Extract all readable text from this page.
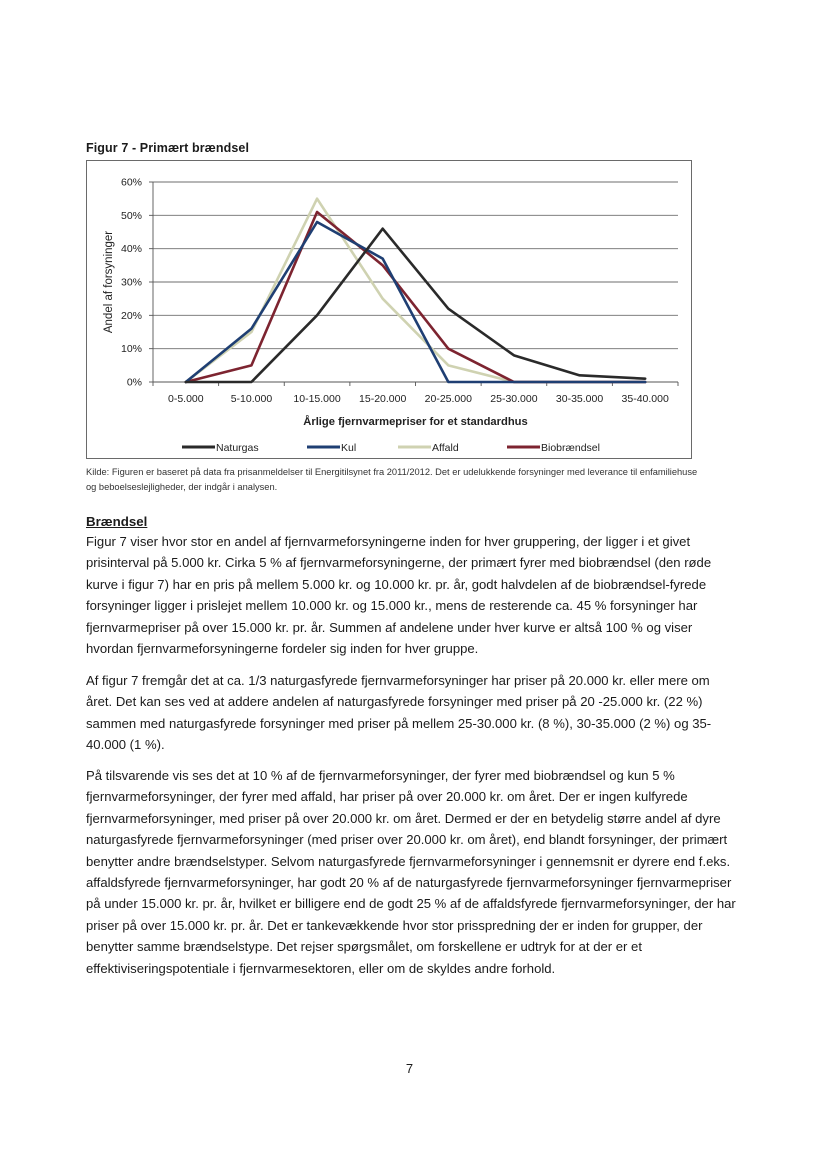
Figur 7 - Primært brændsel
0%
10%
20%
30%
40%
50%
60%
0-5.000	5-10.000 10-15.000 15-20.000 20-25.000 25-30.000 30-35.000 35-40.000
Årlige fjernvarmepriser for et standardhus
Andel af forsyninger
Naturgas	Kul	Affald	Biobrændsel
Kilde: Figuren er baseret på data fra prisanmeldelser til Energitilsynet fra 2011/2012. Det er udelukkende forsyninger med leverance til enfamiliehuse og beboelseslejligheder, der indgår i analysen.
Brændsel

Figur 7 viser hvor stor en andel af fjernvarmeforsyningerne inden for hver gruppering, der ligger i et givet prisinterval på 5.000 kr. Cirka 5 % af fjernvarmeforsyningerne, der primært fyrer med biobrændsel (den røde kurve i figur 7) har en pris på mellem 5.000 kr. og 10.000 kr. pr. år, godt halvdelen af de biobrændsel-fyrede forsyninger ligger i prislejet mellem 10.000 kr. og 15.000 kr., mens de resterende ca. 45 % forsyninger har fjernvarmepriser på over 15.000 kr. pr. år. Summen af andelene under hver kurve er altså 100 % og viser hvordan fjernvarmeforsyningerne fordeler sig inden for hver gruppe.

Af figur 7 fremgår det at ca. 1/3 naturgasfyrede fjernvarmeforsyninger har priser på 20.000 kr. eller mere om året. Det kan ses ved at addere andelen af naturgasfyrede forsyninger med priser på 20 -25.000 kr. (22 %) sammen med naturgasfyrede forsyninger med priser på mellem 25-30.000 kr. (8 %), 30-35.000 (2 %) og 35-40.000 (1 %).

På tilsvarende vis ses det at 10 % af de fjernvarmeforsyninger, der fyrer med biobrændsel og kun 5 % fjernvarmeforsyninger, der fyrer med affald, har priser på over 20.000 kr. om året. Der er ingen kulfyrede fjernvarmeforsyninger, med priser på over 20.000 kr. om året. Dermed er der en betydelig større andel af dyre naturgasfyrede fjernvarmeforsyninger (med priser over 20.000 kr. om året), end blandt forsyninger, der primært benytter andre brændselstyper. Selvom naturgasfyrede fjernvarmeforsyninger i gennemsnit er dyrere end f.eks. affaldsfyrede fjernvarmeforsyninger, har godt 20 % af de naturgasfyrede fjernvarmeforsyninger fjernvarmepriser på under 15.000 kr. pr. år, hvilket er billigere end de godt 25 % af de affaldsfyrede fjernvarmeforsyninger, der har priser på over 15.000 kr. pr. år. Det er tankevækkende hvor stor prisspredning der er inden for grupper, der benytter samme brændselstype. Det rejser spørgsmålet, om forskellene er udtryk for at der er et effektiviseringspotentiale i fjernvarmesektoren, eller om de skyldes andre forhold.

7
